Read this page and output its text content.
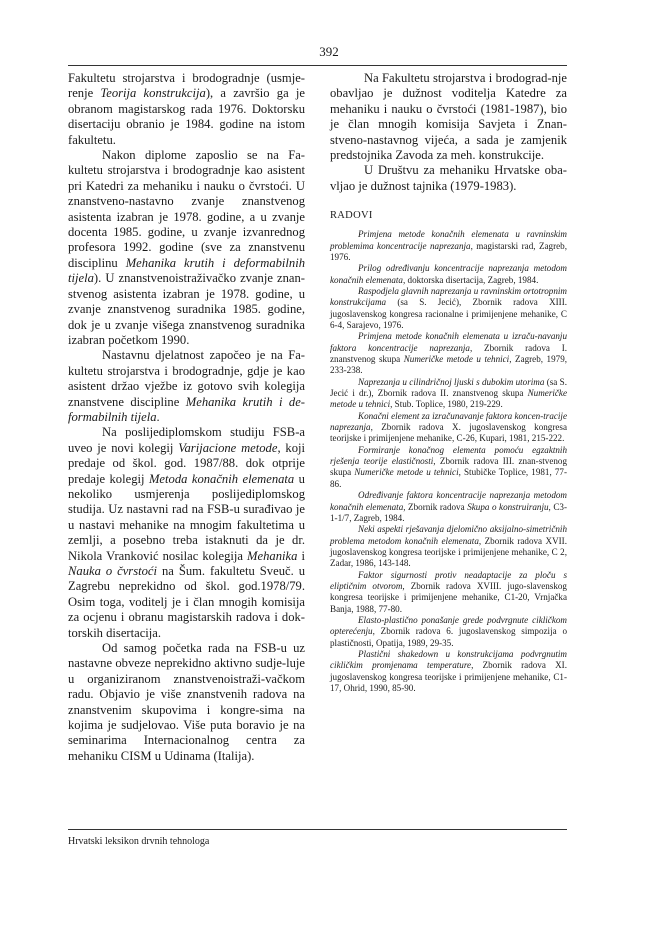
392

Fakultetu strojarstva i brodogradnje (usmje-renje Teorija konstrukcija), a završio ga je obranom magistarskog rada 1976. Doktorsku disertaciju obranio je 1984. godine na istom fakultetu.

Nakon diplome zaposlio se na Fa-kultetu strojarstva i brodogradnje kao asistent pri Katedri za mehaniku i nauku o čvrstoći. U znanstveno-nastavno zvanje znanstvenog asistenta izabran je 1978. godine, a u zvanje docenta 1985. godine, u zvanje izvanrednog profesora 1992. godine (sve za znanstvenu disciplinu Mehanika krutih i deformabilnih tijela). U znanstvenoistraživačko zvanje znan-stvenog asistenta izabran je 1978. godine, u zvanje znanstvenog suradnika 1985. godine, dok je u zvanje višega znanstvenog suradnika izabran početkom 1990.

Nastavnu djelatnost započeo je na Fa-kultetu strojarstva i brodogradnje, gdje je kao asistent držao vježbe iz gotovo svih kolegija znanstvene discipline Mehanika krutih i de-formabilnih tijela.

Na poslijediplomskom studiju FSB-a uveo je novi kolegij Varijacione metode, koji predaje od škol. god. 1987/88. dok otprije predaje kolegij Metoda konačnih elemenata u nekoliko usmjerenja poslijediplomskog studija. Uz nastavni rad na FSB-u surađivao je u nastavi mehanike na mnogim fakultetima u zemlji, a posebno treba istaknuti da je dr. Nikola Vranković nosilac kolegija Mehanika i Nauka o čvrstoći na Šum. fakultetu Sveuč. u Zagrebu neprekidno od škol. god.1978/79. Osim toga, voditelj je i član mnogih komisija za ocjenu i obranu magistarskih radova i dok-torskih disertacija.

Od samog početka rada na FSB-u uz nastavne obveze neprekidno aktivno sudje-luje u organiziranom znanstvenoistraži-vačkom radu. Objavio je više znanstvenih radova na znanstvenim skupovima i kongre-sima na kojima je sudjelovao. Više puta boravio je na seminarima Internacionalnog centra za mehaniku CISM u Udinama (Italija).

Na Fakultetu strojarstva i brodograd-nje obavljao je dužnost voditelja Katedre za mehaniku i nauku o čvrstoći (1981-1987), bio je član mnogih komisija Savjeta i Znan-stveno-nastavnog vijeća, a sada je zamjenik predstojnika Zavoda za meh. konstrukcije.

U Društvu za mehaniku Hrvatske oba-vljao je dužnost tajnika (1979-1983).

RADOVI

Primjena metode konačnih elemenata u ravninskim problemima koncentracije naprezanja, magistarski rad, Zagreb, 1976.

Prilog određivanju koncentracije naprezanja metodom konačnih elemenata, doktorska disertacija, Zagreb, 1984.

Raspodjela glavnih naprezanja u ravninskim ortotropnim konstrukcijama (sa S. Jecić), Zbornik radova XIII. jugoslavenskog kongresa racionalne i primijenjene mehanike, C 6-4, Sarajevo, 1976.

Primjena metode konačnih elemenata u izraču-navanju faktora koncentracije naprezanja, Zbornik radova I. znanstvenog skupa Numeričke metode u tehnici, Zagreb, 1979, 233-238.

Naprezanja u cilindričnoj ljuski s dubokim utorima (sa S. Jecić i dr.), Zbornik radova II. znanstvenog skupa Numeričke metode u tehnici, Stub. Toplice, 1980, 219-229.

Konačni element za izračunavanje faktora koncen-tracije naprezanja, Zbornik radova X. jugoslavenskog kongresa teorijske i primijenjene mehanike, C-26, Kupari, 1981, 215-222.

Formiranje konačnog elementa pomoću egzaktnih rješenja teorije elastičnosti, Zbornik radova III. znan-stvenog skupa Numeričke metode u tehnici, Stubičke Toplice, 1981, 77-86.

Određivanje faktora koncentracije naprezanja metodom konačnih elemenata, Zbornik radova Skupa o konstruiranju, C3-1-1/7, Zagreb, 1984.

Neki aspekti rješavanja djelomično aksijalno-simetričnih problema metodom konačnih elemenata, Zbornik radova XVII. jugoslavenskog kongresa teorijske i primijenjene mehanike, C 2, Zadar, 1986, 143-148.

Faktor sigurnosti protiv neadaptacije za ploču s eliptičnim otvorom, Zbornik radova XVIII. jugo-slavenskog kongresa teorijske i primijenjene mehanike, C1-20, Vrnjačka Banja, 1988, 77-80.

Elasto-plastično ponašanje grede podvrgnute cikličkom opterećenju, Zbornik radova 6. jugoslavenskog simpozija o plastičnosti, Opatija, 1989, 29-35.

Plastični shakedown u konstrukcijama podvrgnutim cikličkim promjenama temperature, Zbornik radova XI. jugoslavenskog kongresa teorijske i primijenjene mehanike, C1-17, Ohrid, 1990, 85-90.

Hrvatski leksikon drvnih tehnologa
